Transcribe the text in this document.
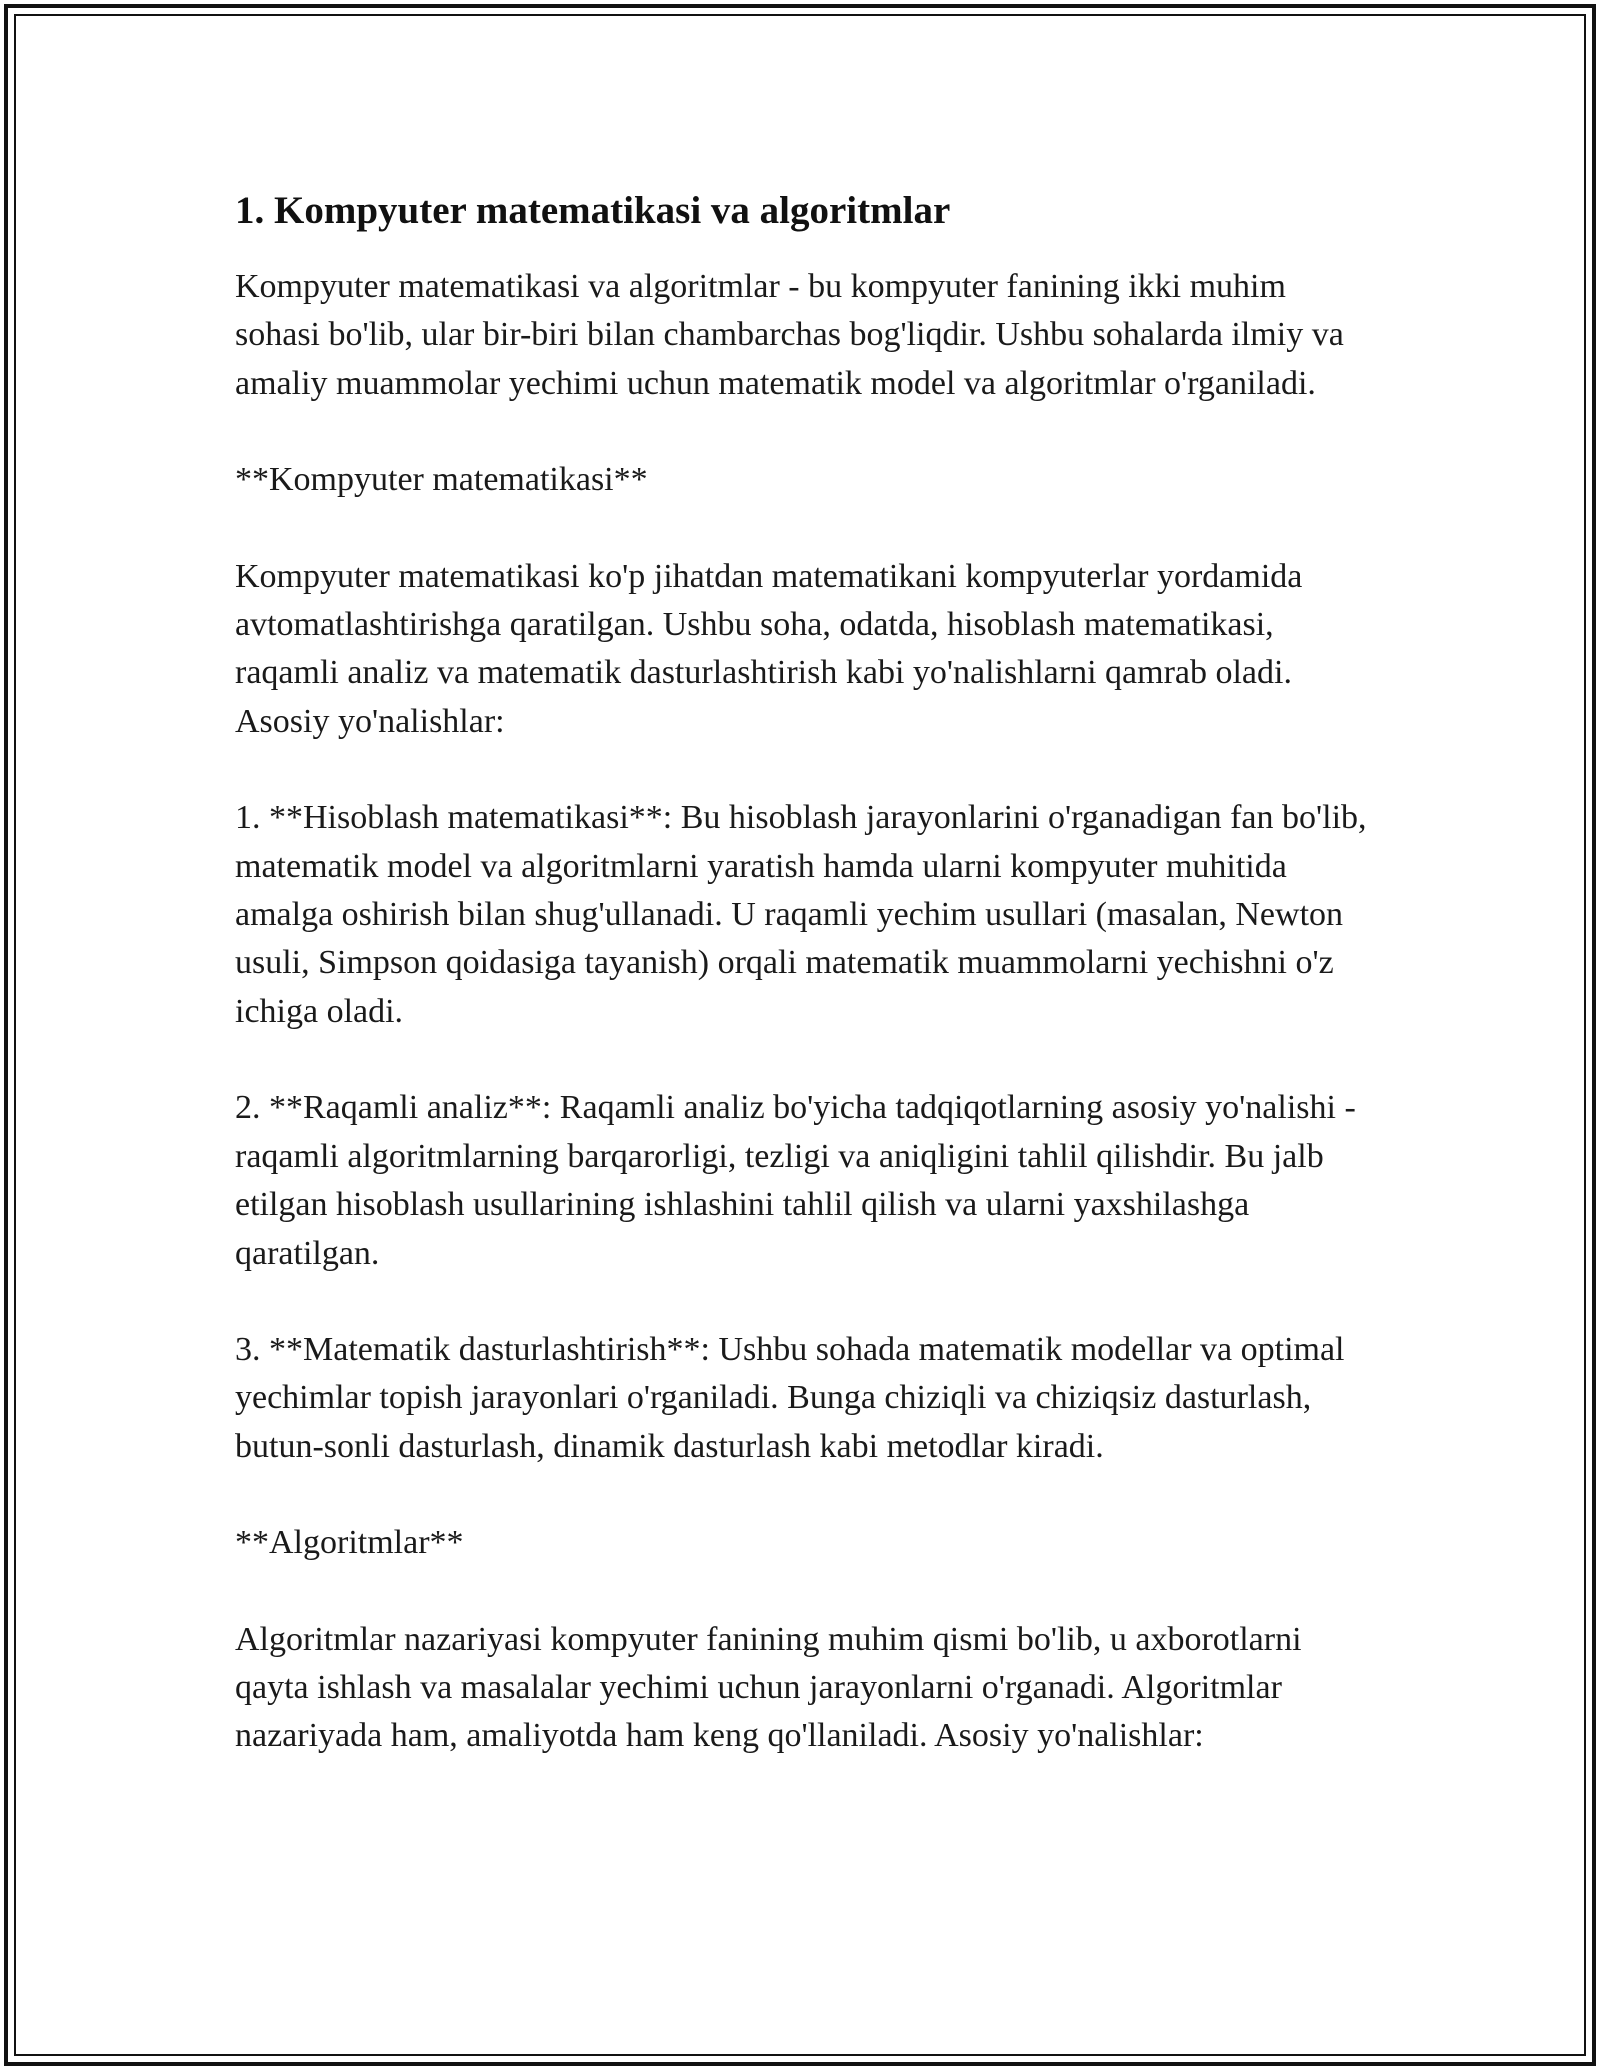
1. Kompyuter matematikasi va algoritmlar

Kompyuter matematikasi va algoritmlar - bu kompyuter fanining ikki muhim sohasi bo'lib, ular bir-biri bilan chambarchas bog'liqdir. Ushbu sohalarda ilmiy va amaliy muammolar yechimi uchun matematik model va algoritmlar o'rganiladi.

**Kompyuter matematikasi**

Kompyuter matematikasi ko'p jihatdan matematikani kompyuterlar yordamida avtomatlashtirishga qaratilgan. Ushbu soha, odatda, hisoblash matematikasi, raqamli analiz va matematik dasturlashtirish kabi yo'nalishlarni qamrab oladi. Asosiy yo'nalishlar:

1. **Hisoblash matematikasi**: Bu hisoblash jarayonlarini o'rganadigan fan bo'lib, matematik model va algoritmlarni yaratish hamda ularni kompyuter muhitida amalga oshirish bilan shug'ullanadi. U raqamli yechim usullari (masalan, Newton usuli, Simpson qoidasiga tayanish) orqali matematik muammolarni yechishni o'z ichiga oladi.

2. **Raqamli analiz**: Raqamli analiz bo'yicha tadqiqotlarning asosiy yo'nalishi - raqamli algoritmlarning barqarorligi, tezligi va aniqligini tahlil qilishdir. Bu jalb etilgan hisoblash usullarining ishlashini tahlil qilish va ularni yaxshilashga qaratilgan.

3. **Matematik dasturlashtirish**: Ushbu sohada matematik modellar va optimal yechimlar topish jarayonlari o'rganiladi. Bunga chiziqli va chiziqsiz dasturlash, butun-sonli dasturlash, dinamik dasturlash kabi metodlar kiradi.

**Algoritmlar**

Algoritmlar nazariyasi kompyuter fanining muhim qismi bo'lib, u axborotlarni qayta ishlash va masalalar yechimi uchun jarayonlarni o'rganadi. Algoritmlar nazariyada ham, amaliyotda ham keng qo'llaniladi. Asosiy yo'nalishlar:
